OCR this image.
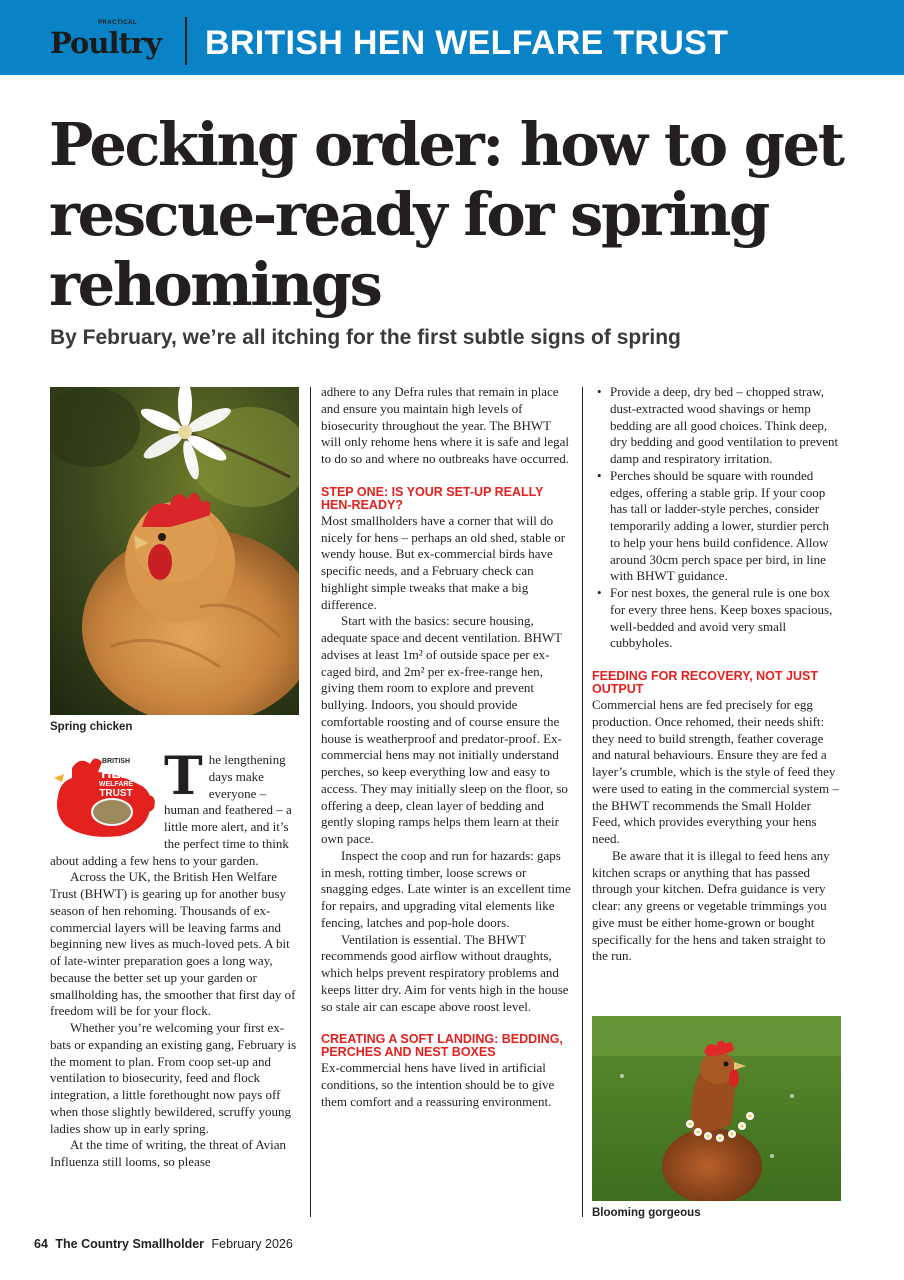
PRACTICAL
Poultry BRITISH HEN WELFARE TRUST
Pecking order: how to get rescue-ready for spring rehomings
By February, we’re all itching for the first subtle signs of spring
Spring chicken
BRITISH
HEN
WELFARE
TRUST The lengthening days make everyone – human and feathered – a little more alert, and it’s the perfect time to think about adding a few hens to your garden.

Across the UK, the British Hen Welfare Trust (BHWT) is gearing up for another busy season of hen rehoming. Thousands of ex-commercial layers will be leaving farms and beginning new lives as much-loved pets. A bit of late-winter preparation goes a long way, because the better set up your garden or smallholding has, the smoother that first day of freedom will be for your flock.

Whether you’re welcoming your first ex-bats or expanding an existing gang, February is the moment to plan. From coop set-up and ventilation to biosecurity, feed and flock integration, a little forethought now pays off when those slightly bewildered, scruffy young ladies show up in early spring.

At the time of writing, the threat of Avian Influenza still looms, so please

adhere to any Defra rules that remain in place and ensure you maintain high levels of biosecurity throughout the year. The BHWT will only rehome hens where it is safe and legal to do so and where no outbreaks have occurred.

STEP ONE: IS YOUR SET-UP REALLY HEN-READY?

Most smallholders have a corner that will do nicely for hens – perhaps an old shed, stable or wendy house. But ex-commercial birds have specific needs, and a February check can highlight simple tweaks that make a big difference.

Start with the basics: secure housing, adequate space and decent ventilation. BHWT advises at least 1m² of outside space per ex-caged bird, and 2m² per ex-free-range hen, giving them room to explore and prevent bullying. Indoors, you should provide comfortable roosting and of course ensure the house is weatherproof and predator-proof. Ex-commercial hens may not initially understand perches, so keep everything low and easy to access. They may initially sleep on the floor, so offering a deep, clean layer of bedding and gently sloping ramps helps them learn at their own pace.

Inspect the coop and run for hazards: gaps in mesh, rotting timber, loose screws or snagging edges. Late winter is an excellent time for repairs, and upgrading vital elements like fencing, latches and pop-hole doors.

Ventilation is essential. The BHWT recommends good airflow without draughts, which helps prevent respiratory problems and keeps litter dry. Aim for vents high in the house so stale air can escape above roost level.

CREATING A SOFT LANDING: BEDDING, PERCHES AND NEST BOXES

Ex-commercial hens have lived in artificial conditions, so the intention should be to give them comfort and a reassuring environment.

• Provide a deep, dry bed – chopped straw, dust-extracted wood shavings or hemp bedding are all good choices. Think deep, dry bedding and good ventilation to prevent damp and respiratory irritation.
• Perches should be square with rounded edges, offering a stable grip. If your coop has tall or ladder-style perches, consider temporarily adding a lower, sturdier perch to help your hens build confidence. Allow around 30cm perch space per bird, in line with BHWT guidance.
• For nest boxes, the general rule is one box for every three hens. Keep boxes spacious, well-bedded and avoid very small cubbyholes.
FEEDING FOR RECOVERY, NOT JUST OUTPUT

Commercial hens are fed precisely for egg production. Once rehomed, their needs shift: they need to build strength, feather coverage and natural behaviours. Ensure they are fed a layer’s crumble, which is the style of feed they were used to eating in the commercial system – the BHWT recommends the Small Holder Feed, which provides everything your hens need.

Be aware that it is illegal to feed hens any kitchen scraps or anything that has passed through your kitchen. Defra guidance is very clear: any greens or vegetable trimmings you give must be either home-grown or bought specifically for the hens and taken straight to the run.

Blooming gorgeous
64 The Country Smallholder February 2026
